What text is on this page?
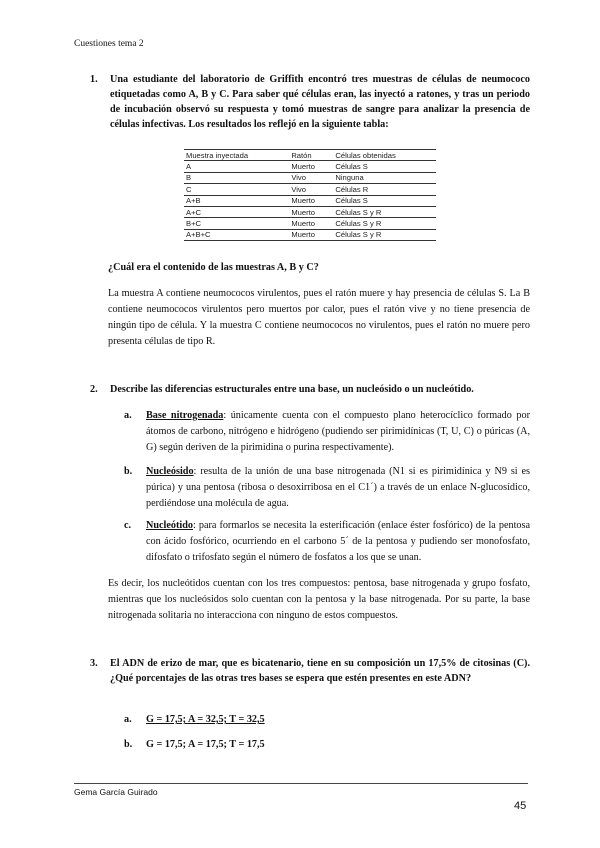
Cuestiones tema 2
1. Una estudiante del laboratorio de Griffith encontró tres muestras de células de neumococo etiquetadas como A, B y C. Para saber qué células eran, las inyectó a ratones, y tras un periodo de incubación observó su respuesta y tomó muestras de sangre para analizar la presencia de células infectivas. Los resultados los reflejó en la siguiente tabla:
Muestra inyectada	Ratón	Células obtenidas
A	Muerto	Células S
B	Vivo	Ninguna
C	Vivo	Células R
A+B	Muerto	Células S
A+C	Muerto	Células S y R
B+C	Muerto	Células S y R
A+B+C	Muerto	Células S y R
¿Cuál era el contenido de las muestras A, B y C?
La muestra A contiene neumococos virulentos, pues el ratón muere y hay presencia de células S. La B contiene neumococos virulentos pero muertos por calor, pues el ratón vive y no tiene presencia de ningún tipo de célula. Y la muestra C contiene neumococos no virulentos, pues el ratón no muere pero presenta células de tipo R.
2. Describe las diferencias estructurales entre una base, un nucleósido o un nucleótido.
a. Base nitrogenada: únicamente cuenta con el compuesto plano heterocíclico formado por átomos de carbono, nitrógeno e hidrógeno (pudiendo ser pirimidínicas (T, U, C) o púricas (A, G) según deriven de la pirimidina o purina respectivamente).
b. Nucleósido: resulta de la unión de una base nitrogenada (N1 si es pirimidínica y N9 si es púrica) y una pentosa (ribosa o desoxirribosa en el C1´) a través de un enlace N-glucosídico, perdiéndose una molécula de agua.
c. Nucleótido: para formarlos se necesita la esterificación (enlace éster fosfórico) de la pentosa con ácido fosfórico, ocurriendo en el carbono 5´ de la pentosa y pudiendo ser monofosfato, difosfato o trifosfato según el número de fosfatos a los que se unan.
Es decir, los nucleótidos cuentan con los tres compuestos: pentosa, base nitrogenada y grupo fosfato, mientras que los nucleósidos solo cuentan con la pentosa y la base nitrogenada. Por su parte, la base nitrogenada solitaria no interacciona con ninguno de estos compuestos.
3. El ADN de erizo de mar, que es bicatenario, tiene en su composición un 17,5% de citosinas (C). ¿Qué porcentajes de las otras tres bases se espera que estén presentes en este ADN?
a. G = 17,5; A = 32,5; T = 32,5
b. G = 17,5; A = 17,5; T = 17,5
Gema García Guirado
45
